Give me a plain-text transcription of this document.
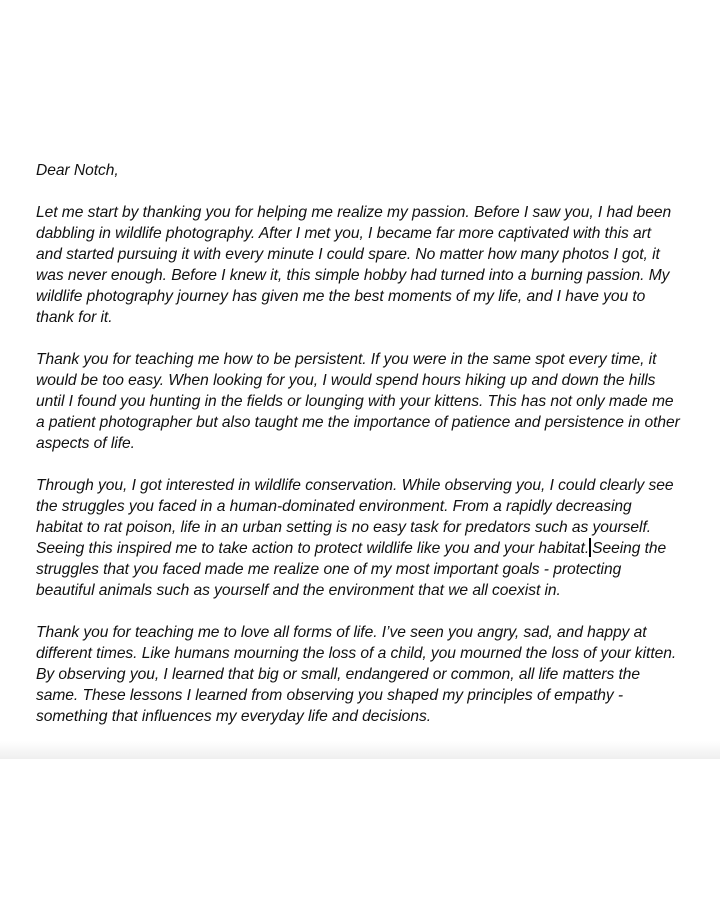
Dear Notch,
Let me start by thanking you for helping me realize my passion. Before I saw you, I had been
dabbling in wildlife photography. After I met you, I became far more captivated with this art
and started pursuing it with every minute I could spare. No matter how many photos I got, it
was never enough. Before I knew it, this simple hobby had turned into a burning passion. My
wildlife photography journey has given me the best moments of my life, and I have you to
thank for it.
Thank you for teaching me how to be persistent. If you were in the same spot every time, it
would be too easy. When looking for you, I would spend hours hiking up and down the hills
until I found you hunting in the fields or lounging with your kittens. This has not only made me
a patient photographer but also taught me the importance of patience and persistence in other
aspects of life.
Through you, I got interested in wildlife conservation. While observing you, I could clearly see
the struggles you faced in a human-dominated environment. From a rapidly decreasing
habitat to rat poison, life in an urban setting is no easy task for predators such as yourself.
Seeing this inspired me to take action to protect wildlife like you and your habitat. Seeing the
struggles that you faced made me realize one of my most important goals - protecting
beautiful animals such as yourself and the environment that we all coexist in.
Thank you for teaching me to love all forms of life. I’ve seen you angry, sad, and happy at
different times. Like humans mourning the loss of a child, you mourned the loss of your kitten.
By observing you, I learned that big or small, endangered or common, all life matters the
same. These lessons I learned from observing you shaped my principles of empathy -
something that influences my everyday life and decisions.
